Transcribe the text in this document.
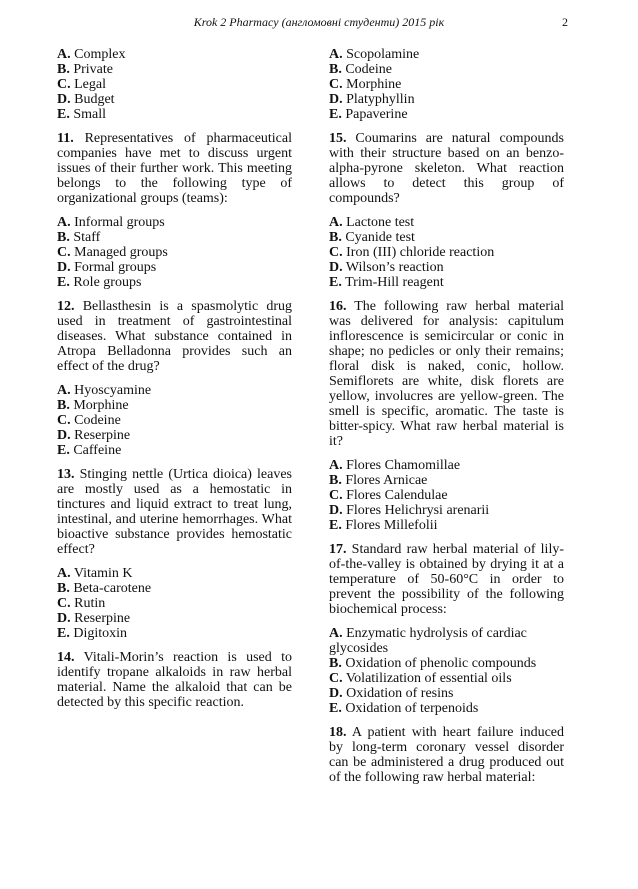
Krok 2 Pharmacy (англомовні студенти) 2015 рік	2
A. Complex
B. Private
C. Legal
D. Budget
E. Small
11. Representatives of pharmaceutical companies have met to discuss urgent issues of their further work. This meeting belongs to the following type of organizational groups (teams):
A. Informal groups
B. Staff
C. Managed groups
D. Formal groups
E. Role groups
12. Bellasthesin is a spasmolytic drug used in treatment of gastrointestinal diseases. What substance contained in Atropa Belladonna provides such an effect of the drug?
A. Hyoscyamine
B. Morphine
C. Codeine
D. Reserpine
E. Caffeine
13. Stinging nettle (Urtica dioica) leaves are mostly used as a hemostatic in tinctures and liquid extract to treat lung, intestinal, and uterine hemorrhages. What bioactive substance provides hemostatic effect?
A. Vitamin K
B. Beta-carotene
C. Rutin
D. Reserpine
E. Digitoxin
14. Vitali-Morin’s reaction is used to identify tropane alkaloids in raw herbal material. Name the alkaloid that can be detected by this specific reaction.
A. Scopolamine
B. Codeine
C. Morphine
D. Platyphyllin
E. Papaverine
15. Coumarins are natural compounds with their structure based on an benzo-alpha-pyrone skeleton. What reaction allows to detect this group of compounds?
A. Lactone test
B. Cyanide test
C. Iron (III) chloride reaction
D. Wilson’s reaction
E. Trim-Hill reagent
16. The following raw herbal material was delivered for analysis: capitulum inflorescence is semicircular or conic in shape; no pedicles or only their remains; floral disk is naked, conic, hollow. Semiflorets are white, disk florets are yellow, involucres are yellow-green. The smell is specific, aromatic. The taste is bitter-spicy. What raw herbal material is it?
A. Flores Chamomillae
B. Flores Arnicae
C. Flores Calendulae
D. Flores Helichrysi arenarii
E. Flores Millefolii
17. Standard raw herbal material of lily-of-the-valley is obtained by drying it at a temperature of 50-60°C in order to prevent the possibility of the following biochemical process:
A. Enzymatic hydrolysis of cardiac glycosides
B. Oxidation of phenolic compounds
C. Volatilization of essential oils
D. Oxidation of resins
E. Oxidation of terpenoids
18. A patient with heart failure induced by long-term coronary vessel disorder can be administered a drug produced out of the following raw herbal material:
